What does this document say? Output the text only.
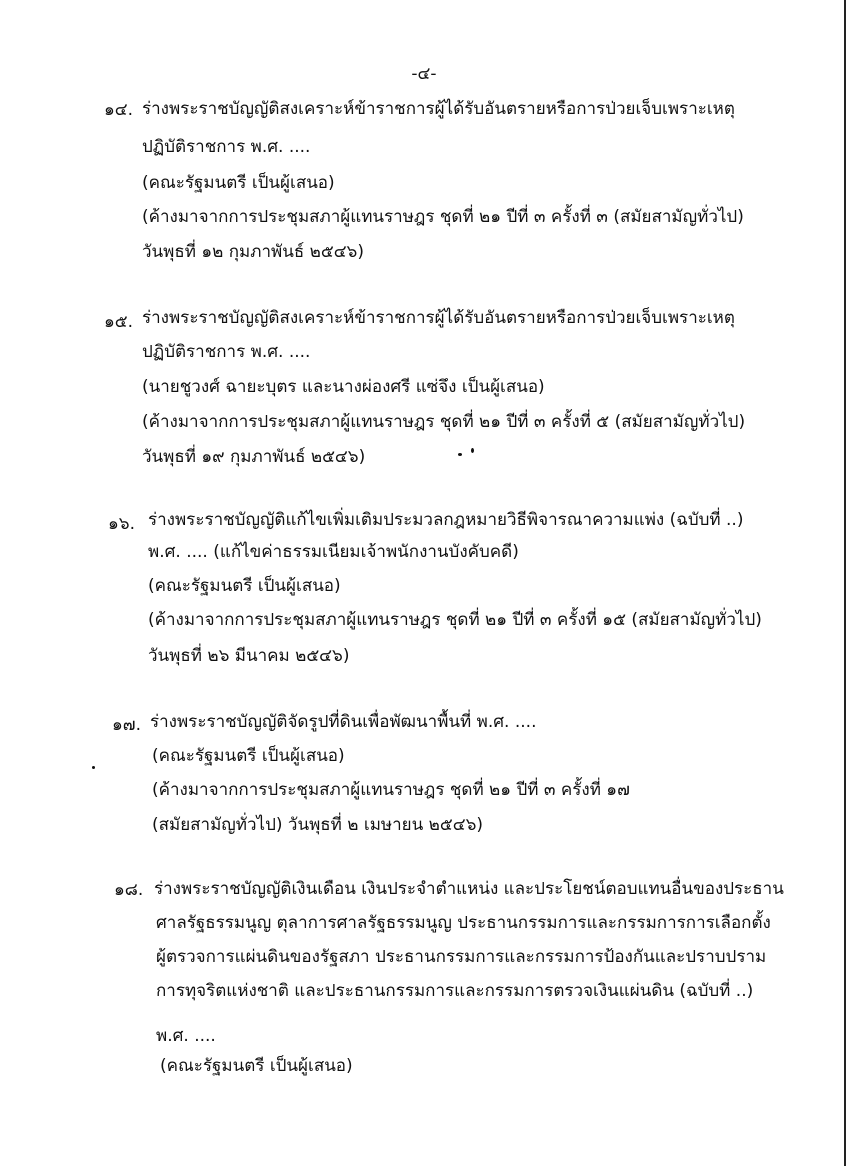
-๔-
๑๔. ร่างพระราชบัญญัติสงเคราะห์ข้าราชการผู้ได้รับอันตรายหรือการป่วยเจ็บเพราะเหตุ
ปฏิบัติราชการ พ.ศ. ....
(คณะรัฐมนตรี เป็นผู้เสนอ)
(ค้างมาจากการประชุมสภาผู้แทนราษฎร ชุดที่ ๒๑ ปีที่ ๓ ครั้งที่ ๓ (สมัยสามัญทั่วไป)
วันพุธที่ ๑๒ กุมภาพันธ์ ๒๕๔๖)
๑๕. ร่างพระราชบัญญัติสงเคราะห์ข้าราชการผู้ได้รับอันตรายหรือการป่วยเจ็บเพราะเหตุ
ปฏิบัติราชการ พ.ศ. ....
(นายชูวงศ์ ฉายะบุตร และนางผ่องศรี แซ่จึง เป็นผู้เสนอ)
(ค้างมาจากการประชุมสภาผู้แทนราษฎร ชุดที่ ๒๑ ปีที่ ๓ ครั้งที่ ๕ (สมัยสามัญทั่วไป)
วันพุธที่ ๑๙ กุมภาพันธ์ ๒๕๔๖)
๑๖. ร่างพระราชบัญญัติแก้ไขเพิ่มเติมประมวลกฎหมายวิธีพิจารณาความแพ่ง (ฉบับที่ ..)
พ.ศ. .... (แก้ไขค่าธรรมเนียมเจ้าพนักงานบังคับคดี)
(คณะรัฐมนตรี เป็นผู้เสนอ)
(ค้างมาจากการประชุมสภาผู้แทนราษฎร ชุดที่ ๒๑ ปีที่ ๓ ครั้งที่ ๑๕ (สมัยสามัญทั่วไป)
วันพุธที่ ๒๖ มีนาคม ๒๕๔๖)
๑๗. ร่างพระราชบัญญัติจัดรูปที่ดินเพื่อพัฒนาพื้นที่ พ.ศ. ....
(คณะรัฐมนตรี เป็นผู้เสนอ)
(ค้างมาจากการประชุมสภาผู้แทนราษฎร ชุดที่ ๒๑ ปีที่ ๓ ครั้งที่ ๑๗
(สมัยสามัญทั่วไป) วันพุธที่ ๒ เมษายน ๒๕๔๖)
๑๘. ร่างพระราชบัญญัติเงินเดือน เงินประจำตำแหน่ง และประโยชน์ตอบแทนอื่นของประธาน
ศาลรัฐธรรมนูญ ตุลาการศาลรัฐธรรมนูญ ประธานกรรมการและกรรมการการเลือกตั้ง
ผู้ตรวจการแผ่นดินของรัฐสภา ประธานกรรมการและกรรมการป้องกันและปราบปราม
การทุจริตแห่งชาติ และประธานกรรมการและกรรมการตรวจเงินแผ่นดิน (ฉบับที่ ..)
พ.ศ. ....
(คณะรัฐมนตรี เป็นผู้เสนอ)
